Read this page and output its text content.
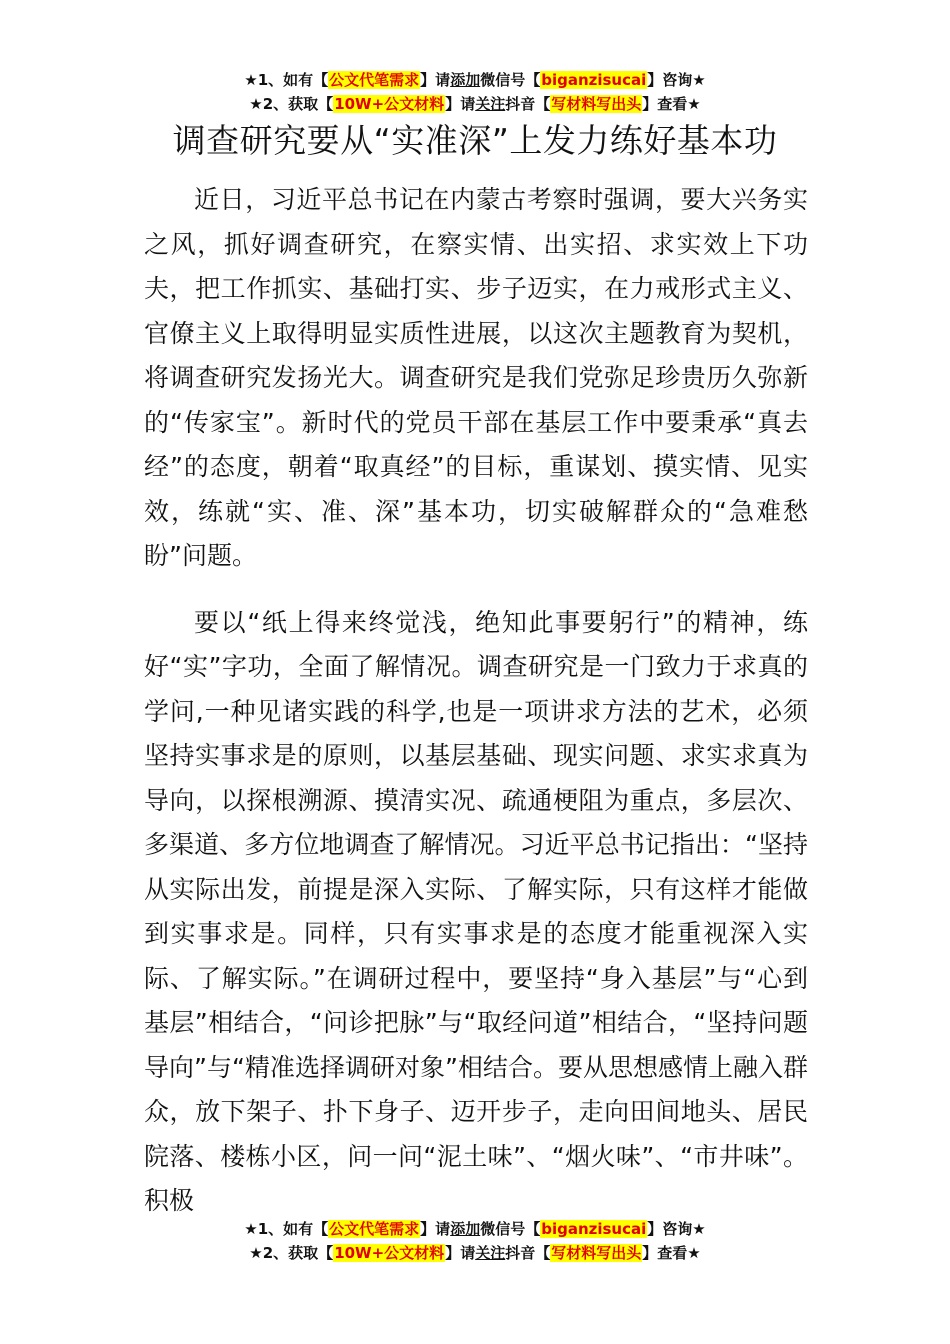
★1、如有【公文代笔需求】请添加微信号【biganzisucai】咨询★
★2、获取【10W+公文材料】请关注抖音【写材料写出头】查看★
调查研究要从“实准深”上发力练好基本功

近日，习近平总书记在内蒙古考察时强调，要大兴务实之风，抓好调查研究，在察实情、出实招、求实效上下功夫，把工作抓实、基础打实、步子迈实，在力戒形式主义、官僚主义上取得明显实质性进展，以这次主题教育为契机，将调查研究发扬光大。调查研究是我们党弥足珍贵历久弥新的“传家宝”。新时代的党员干部在基层工作中要秉承“真去经”的态度，朝着“取真经”的目标，重谋划、摸实情、见实效，练就“实、准、深”基本功，切实破解群众的“急难愁盼”问题。

要以“纸上得来终觉浅，绝知此事要躬行”的精神，练好“实”字功，全面了解情况。调查研究是一门致力于求真的学问,一种见诸实践的科学,也是一项讲求方法的艺术，必须坚持实事求是的原则，以基层基础、现实问题、求实求真为导向，以探根溯源、摸清实况、疏通梗阻为重点，多层次、多渠道、多方位地调查了解情况。习近平总书记指出：“坚持从实际出发，前提是深入实际、了解实际，只有这样才能做到实事求是。同样，只有实事求是的态度才能重视深入实际、了解实际。”在调研过程中，要坚持“身入基层”与“心到基层”相结合，“问诊把脉”与“取经问道”相结合，“坚持问题导向”与“精准选择调研对象”相结合。要从思想感情上融入群众，放下架子、扑下身子、迈开步子，走向田间地头、居民院落、楼栋小区，问一问“泥土味”、“烟火味”、“市井味”。积极

★1、如有【公文代笔需求】请添加微信号【biganzisucai】咨询★
★2、获取【10W+公文材料】请关注抖音【写材料写出头】查看★
